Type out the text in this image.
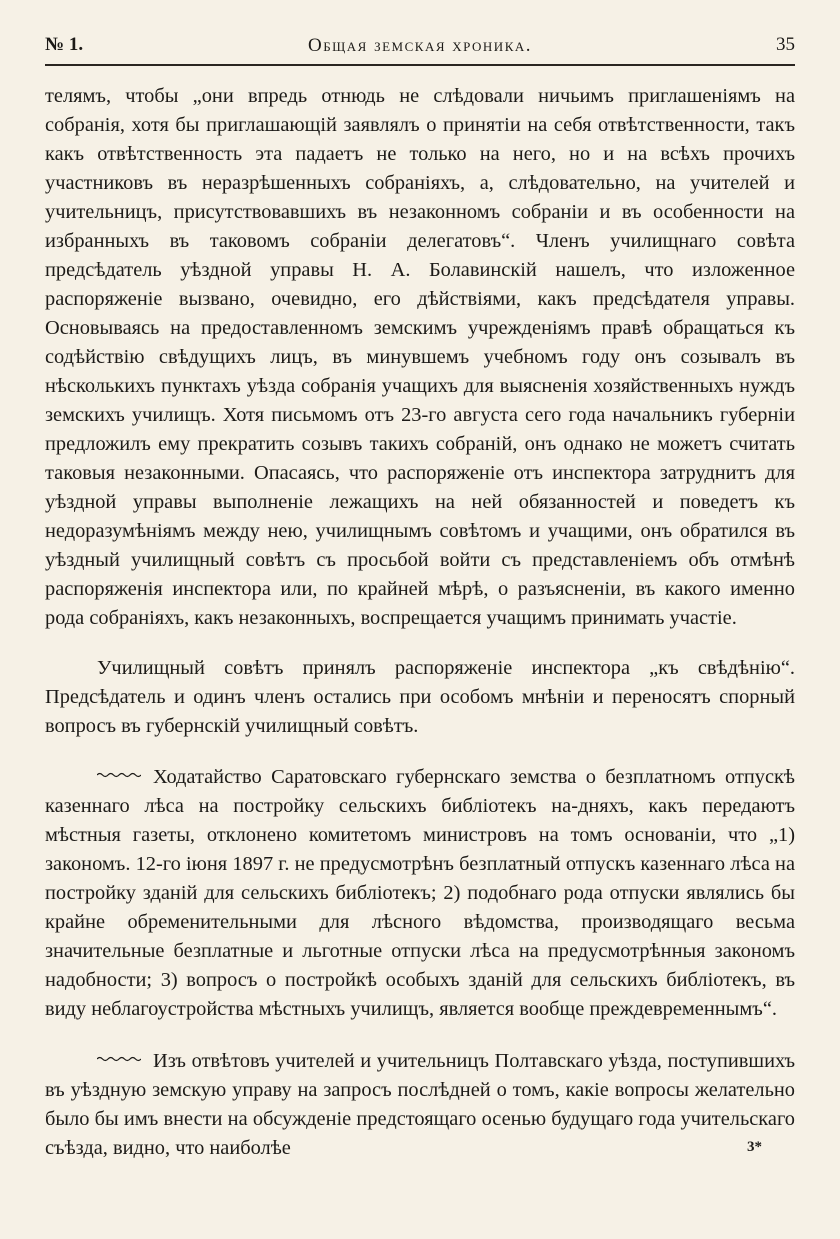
№ 1.	Общая земская хроника.	35

телямъ, чтобы „они впредь отнюдь не слѣдовали ничьимъ приглашеніямъ на собранія, хотя бы приглашающій заявлялъ о принятіи на себя отвѣтственности, такъ какъ отвѣтственность эта падаетъ не только на него, но и на всѣхъ прочихъ участниковъ въ неразрѣшенныхъ собраніяхъ, а, слѣдовательно, на учителей и учительницъ, присутствовавшихъ въ незаконномъ собраніи и въ особенности на избранныхъ въ таковомъ собраніи делегатовъ“. Членъ училищнаго совѣта предсѣдатель уѣздной управы Н. А. Болавинскій нашелъ, что изложенное распоряженіе вызвано, очевидно, его дѣйствіями, какъ предсѣдателя управы. Основываясь на предоставленномъ земскимъ учрежденіямъ правѣ обращаться къ содѣйствію свѣдущихъ лицъ, въ минувшемъ учебномъ году онъ созывалъ въ нѣсколькихъ пунктахъ уѣзда собранія учащихъ для выясненія хозяйственныхъ нуждъ земскихъ училищъ. Хотя письмомъ отъ 23-го августа сего года начальникъ губерніи предложилъ ему прекратить созывъ такихъ собраній, онъ однако не можетъ считать таковыя незаконными. Опасаясь, что распоряженіе отъ инспектора затруднитъ для уѣздной управы выполненіе лежащихъ на ней обязанностей и поведетъ къ недоразумѣніямъ между нею, училищнымъ совѣтомъ и учащими, онъ обратился въ уѣздный училищный совѣтъ съ просьбой войти съ представленіемъ объ отмѣнѣ распоряженія инспектора или, по крайней мѣрѣ, о разъясненіи, въ какого именно рода собраніяхъ, какъ незаконныхъ, воспрещается учащимъ принимать участіе.

Училищный совѣтъ принялъ распоряженіе инспектора „къ свѣдѣнію“. Предсѣдатель и одинъ членъ остались при особомъ мнѣніи и переносятъ спорный вопросъ въ губернскій училищный совѣтъ.

Ходатайство Саратовскаго губернскаго земства о безплатномъ отпускѣ казеннаго лѣса на постройку сельскихъ библіотекъ на-дняхъ, какъ передаютъ мѣстныя газеты, отклонено комитетомъ министровъ на томъ основаніи, что „1) закономъ. 12-го іюня 1897 г. не предусмотрѣнъ безплатный отпускъ казеннаго лѣса на постройку зданій для сельскихъ библіотекъ; 2) подобнаго рода отпуски являлись бы крайне обременительными для лѣсного вѣдомства, производящаго весьма значительные безплатные и льготные отпуски лѣса на предусмотрѣнныя закономъ надобности; 3) вопросъ о постройкѣ особыхъ зданій для сельскихъ библіотекъ, въ виду неблагоустройства мѣстныхъ училищъ, является вообще преждевременнымъ“.

Изъ отвѣтовъ учителей и учительницъ Полтавскаго уѣзда, поступившихъ въ уѣздную земскую управу на запросъ послѣдней о томъ, какіе вопросы желательно было бы имъ внести на обсужденіе предстоящаго осенью будущаго года учительскаго съѣзда, видно, что наиболѣе	3*
